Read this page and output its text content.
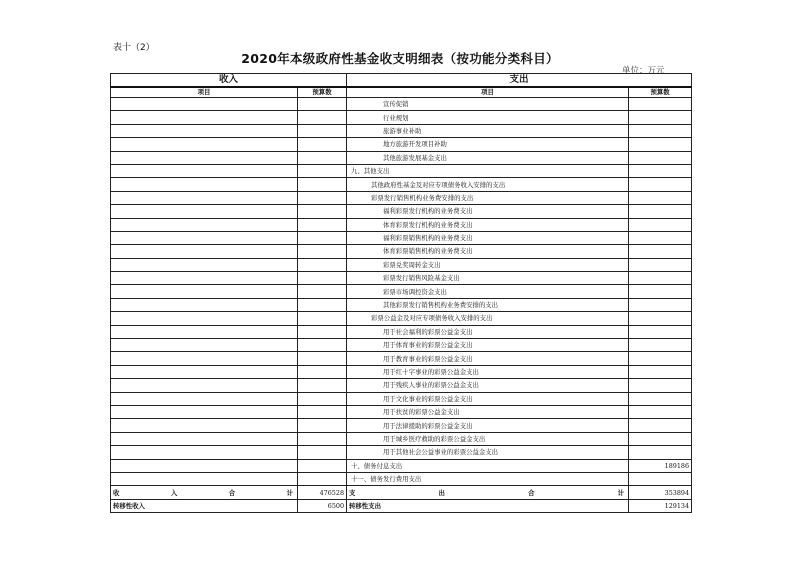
表十（2）
2020年本级政府性基金收支明细表（按功能分类科目）
单位：万元
收入		支出	
项目	预算数	项目	预算数
		宣传促销	
		行业规划	
		旅游事业补助	
		地方旅游开发项目补助	
		其他旅游发展基金支出	
		九、其他支出	
		其他政府性基金及对应专项债务收入安排的支出	
		彩票发行销售机构业务费安排的支出	
		福利彩票发行机构的业务费支出	
		体育彩票发行机构的业务费支出	
		福利彩票销售机构的业务费支出	
		体育彩票销售机构的业务费支出	
		彩票兑奖周转金支出	
		彩票发行销售风险基金支出	
		彩票市场调控资金支出	
		其他彩票发行销售机构业务费安排的支出	
		彩票公益金及对应专项债务收入安排的支出	
		用于社会福利的彩票公益金支出	
		用于体育事业的彩票公益金支出	
		用于教育事业的彩票公益金支出	
		用于红十字事业的彩票公益金支出	
		用于残疾人事业的彩票公益金支出	
		用于文化事业的彩票公益金支出	
		用于扶贫的彩票公益金支出	
		用于法律援助的彩票公益金支出	
		用于城乡医疗救助的彩票公益金支出	
		用于其他社会公益事业的彩票公益金支出	
		十、债务付息支出	189186
		十一、债务发行费用支出	

收 入 合 计	476528	支 出 合 计	353894
转移性收入	6500	转移性支出	129134
